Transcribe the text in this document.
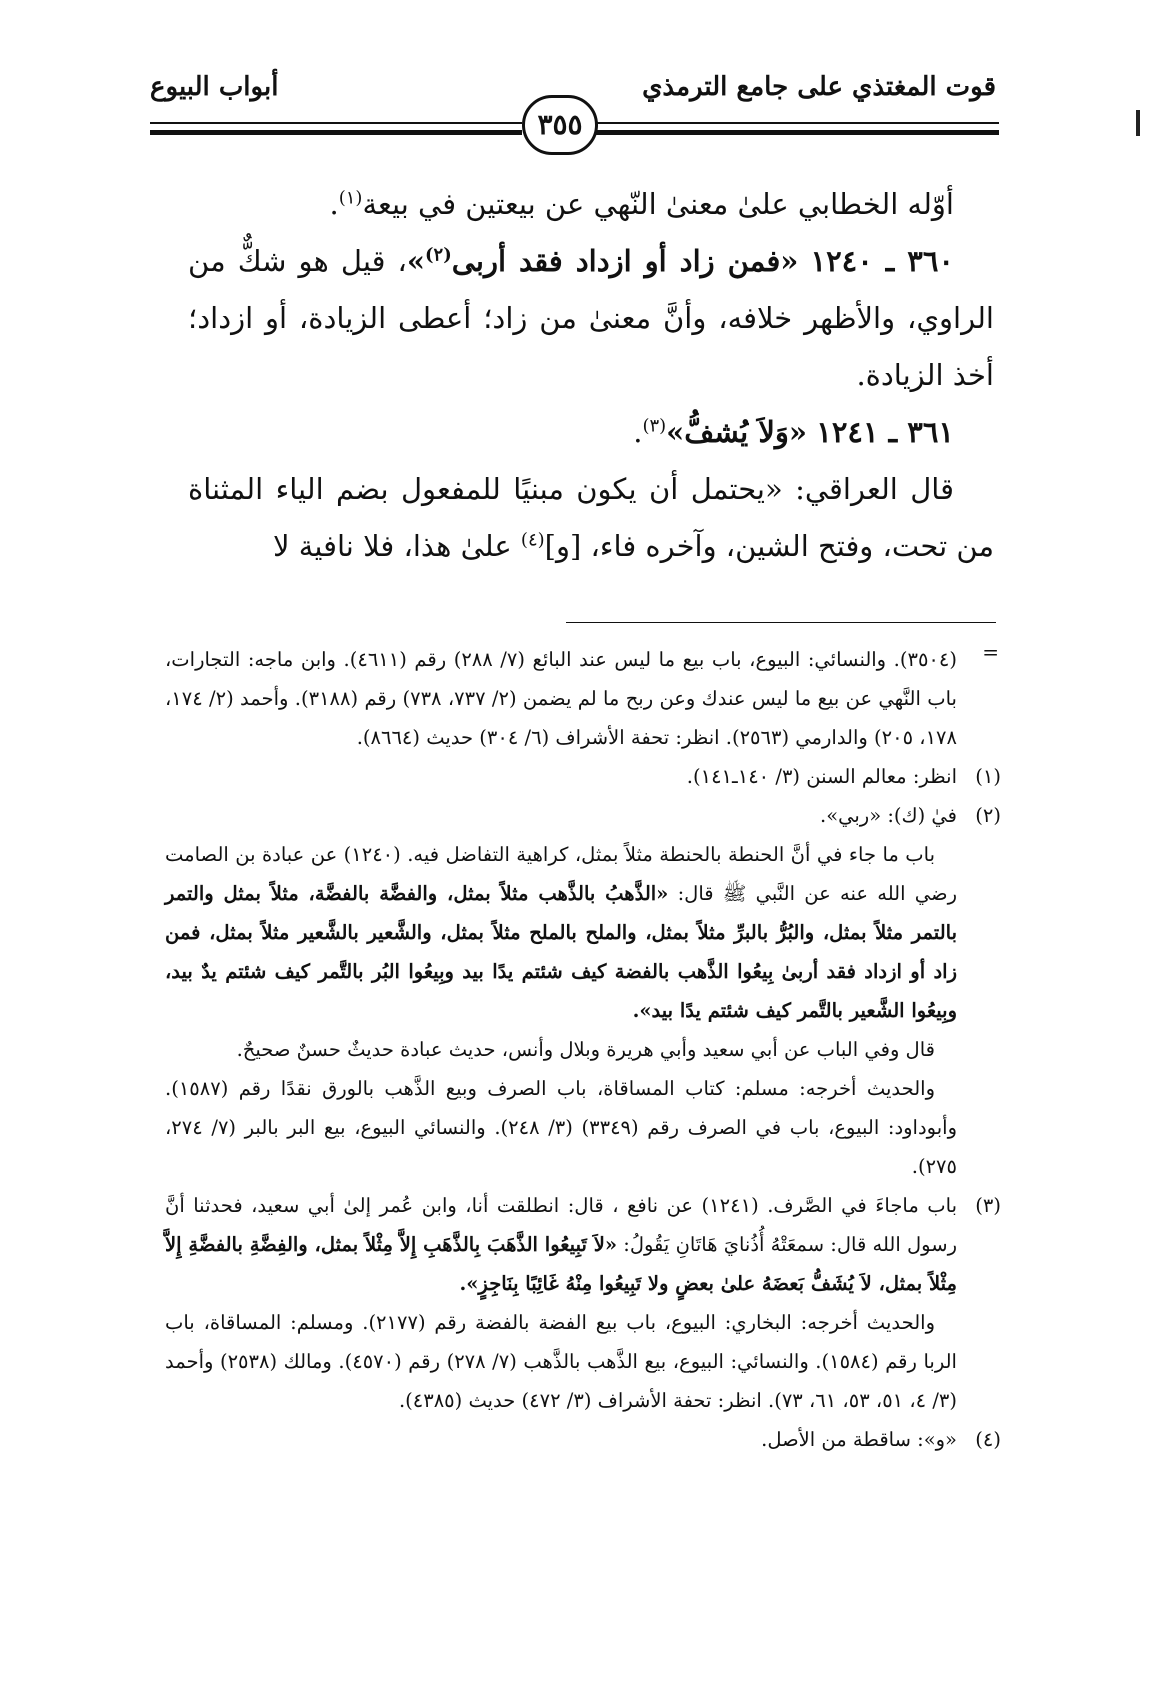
قوت المغتذي على جامع الترمذي
أبواب البيوع
٣٥٥

أوّله الخطابي علىٰ معنىٰ النّهي عن بيعتين في بيعة$^{(١)}$.

٣٦٠ ـ ١٢٤٠ «فمن زاد أو ازداد فقد أربى$^{(٢)}$»، قيل هو شكٌّ من الراوي، والأظهر خلافه، وأنَّ معنىٰ من زاد؛ أعطى الزيادة، أو ازداد؛ أخذ الزيادة.

٣٦١ ـ ١٢٤١ «وَلاَ يُشفُّ»$^{(٣)}$.

قال العراقي: «يحتمل أن يكون مبنيًا للمفعول بضم الياء المثناة من تحت، وفتح الشين، وآخره فاء، [و]$^{(٤)}$ علىٰ هذا، فلا نافية لا

=
(٣٥٠٤). والنسائي: البيوع، باب بيع ما ليس عند البائع (٧/ ٢٨٨) رقم (٤٦١١). وابن ماجه: التجارات، باب النَّهي عن بيع ما ليس عندك وعن ربح ما لم يضمن (٢/ ٧٣٧، ٧٣٨) رقم (٣١٨٨). وأحمد (٢/ ١٧٤، ١٧٨، ٢٠٥) والدارمي (٢٥٦٣). انظر: تحفة الأشراف (٦/ ٣٠٤) حديث (٨٦٦٤).
(١)
انظر: معالم السنن (٣/ ١٤٠ـ١٤١).
(٢)

فيٰ (ك): «ربي».

باب ما جاء في أنَّ الحنطة بالحنطة مثلاً بمثل، كراهية التفاضل فيه. (١٢٤٠) عن عبادة بن الصامت رضي الله عنه عن النَّبي ﷺ قال: «الذَّهبُ بالذَّهب مثلاً بمثل، والفضَّة بالفضَّة، مثلاً بمثل والتمر بالتمر مثلاً بمثل، والبُرُّ بالبرِّ مثلاً بمثل، والملح بالملح مثلاً بمثل، والشَّعير بالشَّعير مثلاً بمثل، فمن زاد أو ازداد فقد أربىٰ بِيعُوا الذَّهب بالفضة كيف شئتم يدًا بيد وبِيعُوا البُر بالتَّمر كيف شئتم يدٌ بيد، وبِيعُوا الشَّعير بالتَّمر كيف شئتم يدًا بيد».

قال وفي الباب عن أبي سعيد وأبي هريرة وبلال وأنس، حديث عبادة حديثٌ حسنٌ صحيحٌ.

والحديث أخرجه: مسلم: كتاب المساقاة، باب الصرف وبيع الذَّهب بالورق نقدًا رقم (١٥٨٧). وأبوداود: البيوع، باب في الصرف رقم (٣٣٤٩) (٣/ ٢٤٨). والنسائي البيوع، بيع البر بالبر (٧/ ٢٧٤، ٢٧٥).

(٣)

باب ماجاءَ في الصَّرف. (١٢٤١) عن نافع ، قال: انطلقت أنا، وابن عُمر إلىٰ أبي سعيد، فحدثنا أنَّ رسول الله قال: سمعَتْهُ أُذُنايَ هَاتَانِ يَقُولُ: «لاَ تَبِيعُوا الذَّهَبَ بِالذَّهَبِ إِلاَّ مِثْلاً بمثل، والفِضَّةِ بالفضَّةِ إِلاَّ مِثْلاً بمثل، لاَ يُشَفُّ بَعضَهُ علىٰ بعضٍ ولا تَبِيعُوا مِنْهُ غَائِبًا بِنَاجِزٍ».

والحديث أخرجه: البخاري: البيوع، باب بيع الفضة بالفضة رقم (٢١٧٧). ومسلم: المساقاة، باب الربا رقم (١٥٨٤). والنسائي: البيوع، بيع الذَّهب بالذَّهب (٧/ ٢٧٨) رقم (٤٥٧٠). ومالك (٢٥٣٨) وأحمد (٣/ ٤، ٥١، ٥٣، ٦١، ٧٣). انظر: تحفة الأشراف (٣/ ٤٧٢) حديث (٤٣٨٥).

(٤)
«و»: ساقطة من الأصل.
